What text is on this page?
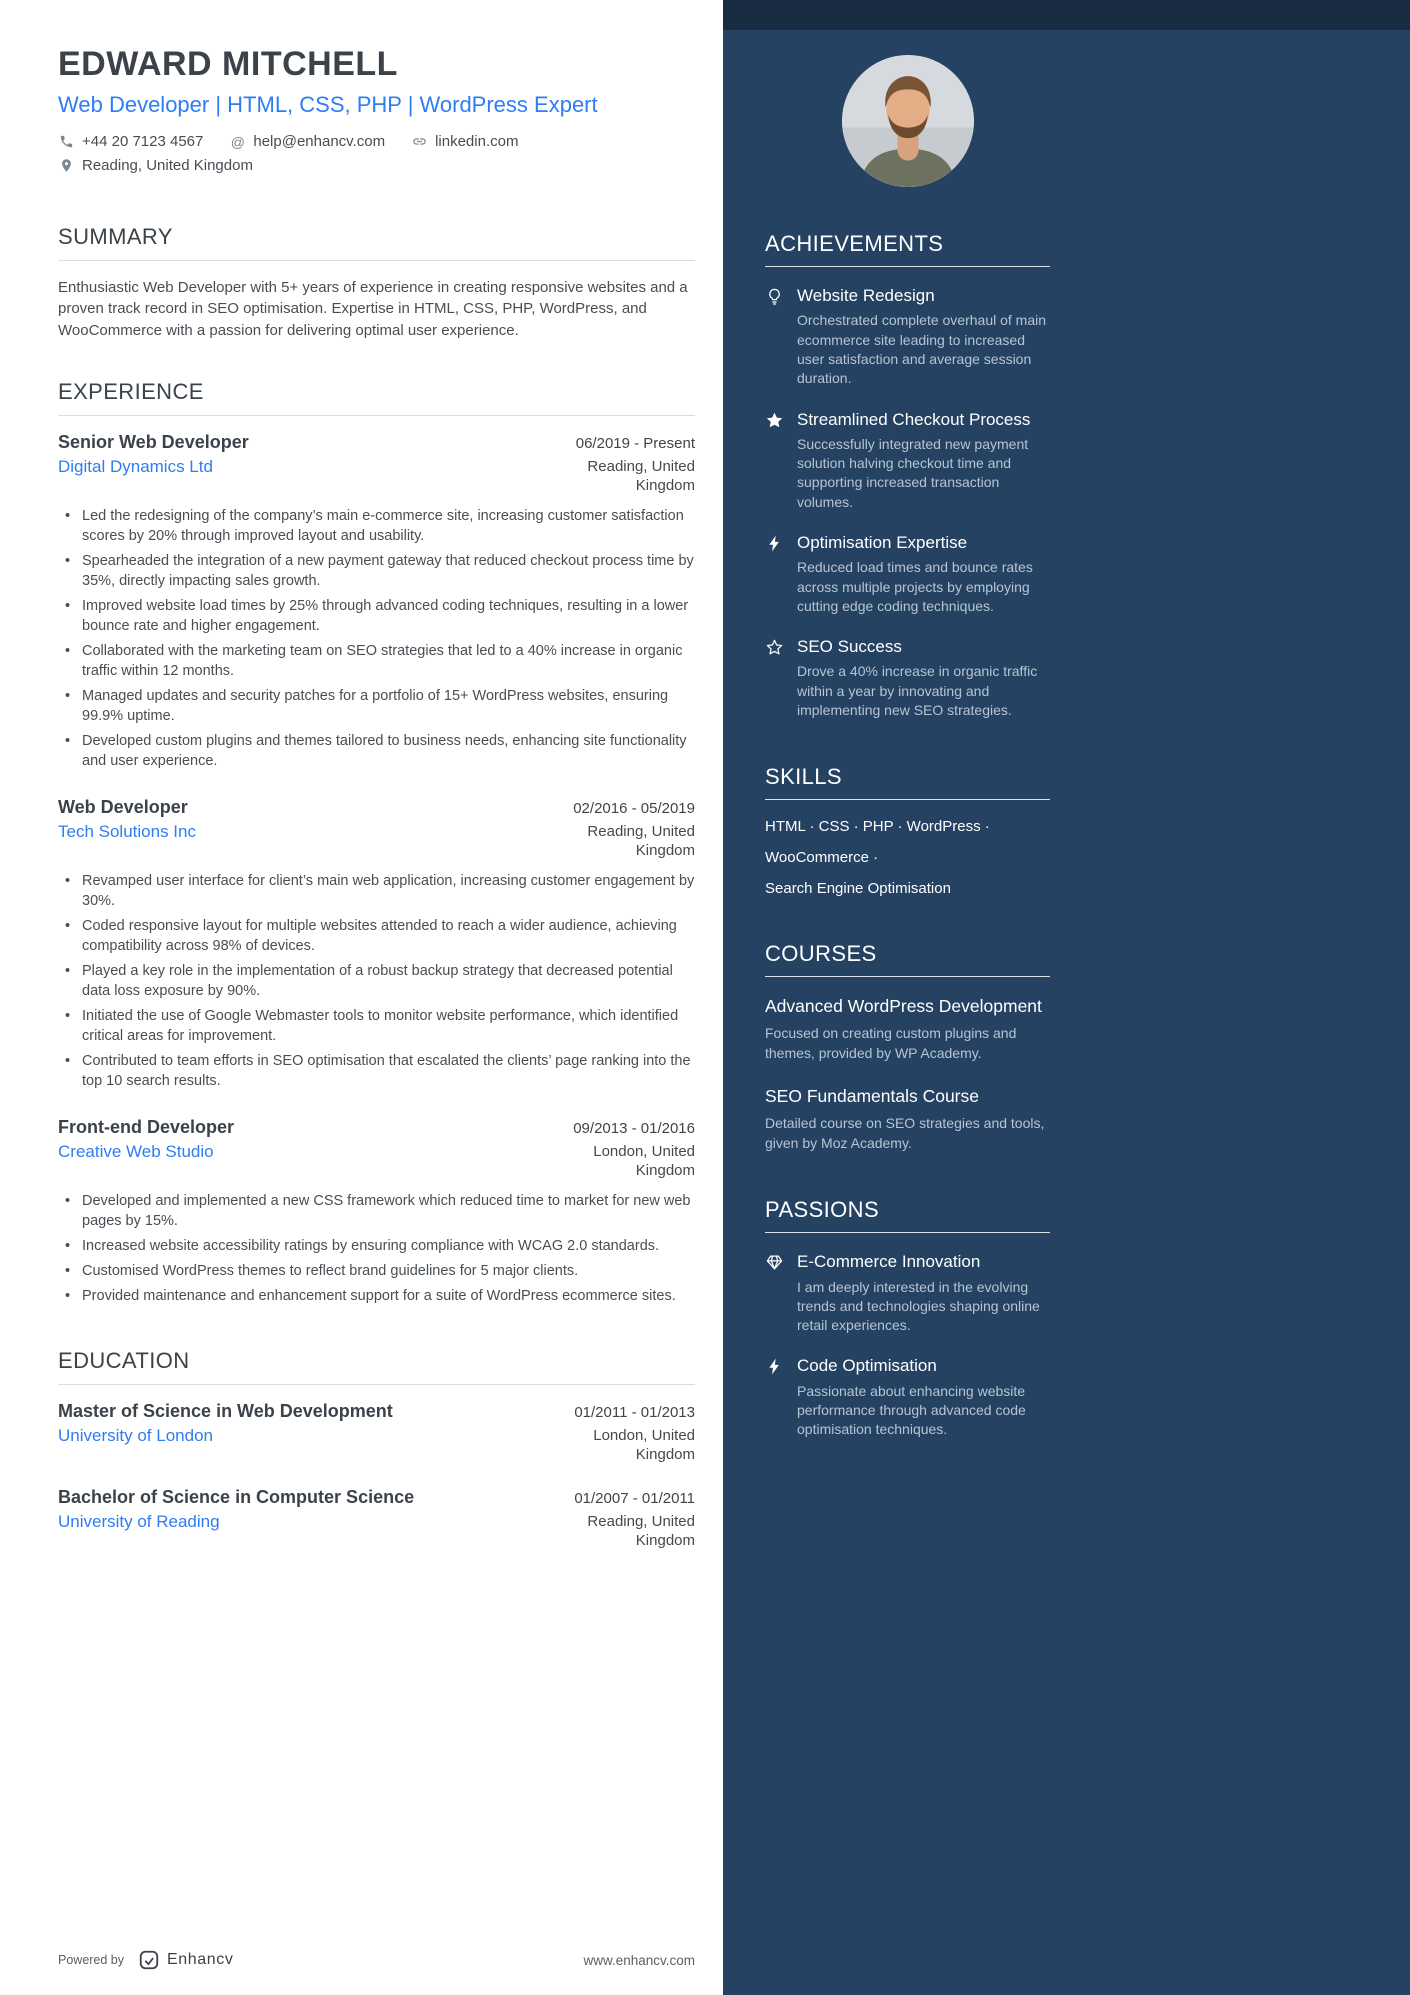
ACHIEVEMENTS
Website Redesign
Orchestrated complete overhaul of main ecommerce site leading to increased user satisfaction and average session duration.
Streamlined Checkout Process
Successfully integrated new payment solution halving checkout time and supporting increased transaction volumes.
Optimisation Expertise
Reduced load times and bounce rates across multiple projects by employing cutting edge coding techniques.
SEO Success
Drove a 40% increase in organic traffic within a year by innovating and implementing new SEO strategies.
SKILLS
HTML · CSS · PHP · WordPress ·
WooCommerce ·
Search Engine Optimisation
COURSES
Advanced WordPress Development
Focused on creating custom plugins and themes, provided by WP Academy.
SEO Fundamentals Course
Detailed course on SEO strategies and tools, given by Moz Academy.
PASSIONS
E-Commerce Innovation
I am deeply interested in the evolving trends and technologies shaping online retail experiences.
Code Optimisation
Passionate about enhancing website performance through advanced code optimisation techniques.
EDWARD MITCHELL
Web Developer | HTML, CSS, PHP | WordPress Expert
+44 20 7123 4567 @ help@enhancv.com	linkedin.com
Reading, United Kingdom
SUMMARY
Enthusiastic Web Developer with 5+ years of experience in creating responsive websites and a proven track record in SEO optimisation. Expertise in HTML, CSS, PHP, WordPress, and WooCommerce with a passion for delivering optimal user experience.
EXPERIENCE
Senior Web Developer	06/2019 - Present
Digital Dynamics Ltd	Reading, United Kingdom
• Led the redesigning of the company’s main e-commerce site, increasing customer satisfaction scores by 20% through improved layout and usability.
• Spearheaded the integration of a new payment gateway that reduced checkout process time by 35%, directly impacting sales growth.
• Improved website load times by 25% through advanced coding techniques, resulting in a lower bounce rate and higher engagement.
• Collaborated with the marketing team on SEO strategies that led to a 40% increase in organic traffic within 12 months.
• Managed updates and security patches for a portfolio of 15+ WordPress websites, ensuring 99.9% uptime.
• Developed custom plugins and themes tailored to business needs, enhancing site functionality and user experience.
Web Developer	02/2016 - 05/2019
Tech Solutions Inc	Reading, United Kingdom
• Revamped user interface for client’s main web application, increasing customer engagement by 30%.
• Coded responsive layout for multiple websites attended to reach a wider audience, achieving compatibility across 98% of devices.
• Played a key role in the implementation of a robust backup strategy that decreased potential data loss exposure by 90%.
• Initiated the use of Google Webmaster tools to monitor website performance, which identified critical areas for improvement.
• Contributed to team efforts in SEO optimisation that escalated the clients’ page ranking into the top 10 search results.
Front-end Developer	09/2013 - 01/2016
Creative Web Studio	London, United Kingdom
• Developed and implemented a new CSS framework which reduced time to market for new web pages by 15%.
• Increased website accessibility ratings by ensuring compliance with WCAG 2.0 standards.
• Customised WordPress themes to reflect brand guidelines for 5 major clients.
• Provided maintenance and enhancement support for a suite of WordPress ecommerce sites.
EDUCATION
Master of Science in Web Development	01/2011 - 01/2013
University of London	London, United Kingdom
Bachelor of Science in Computer Science	01/2007 - 01/2011
University of Reading	Reading, United Kingdom
Powered by	Enhancv	www.enhancv.com
